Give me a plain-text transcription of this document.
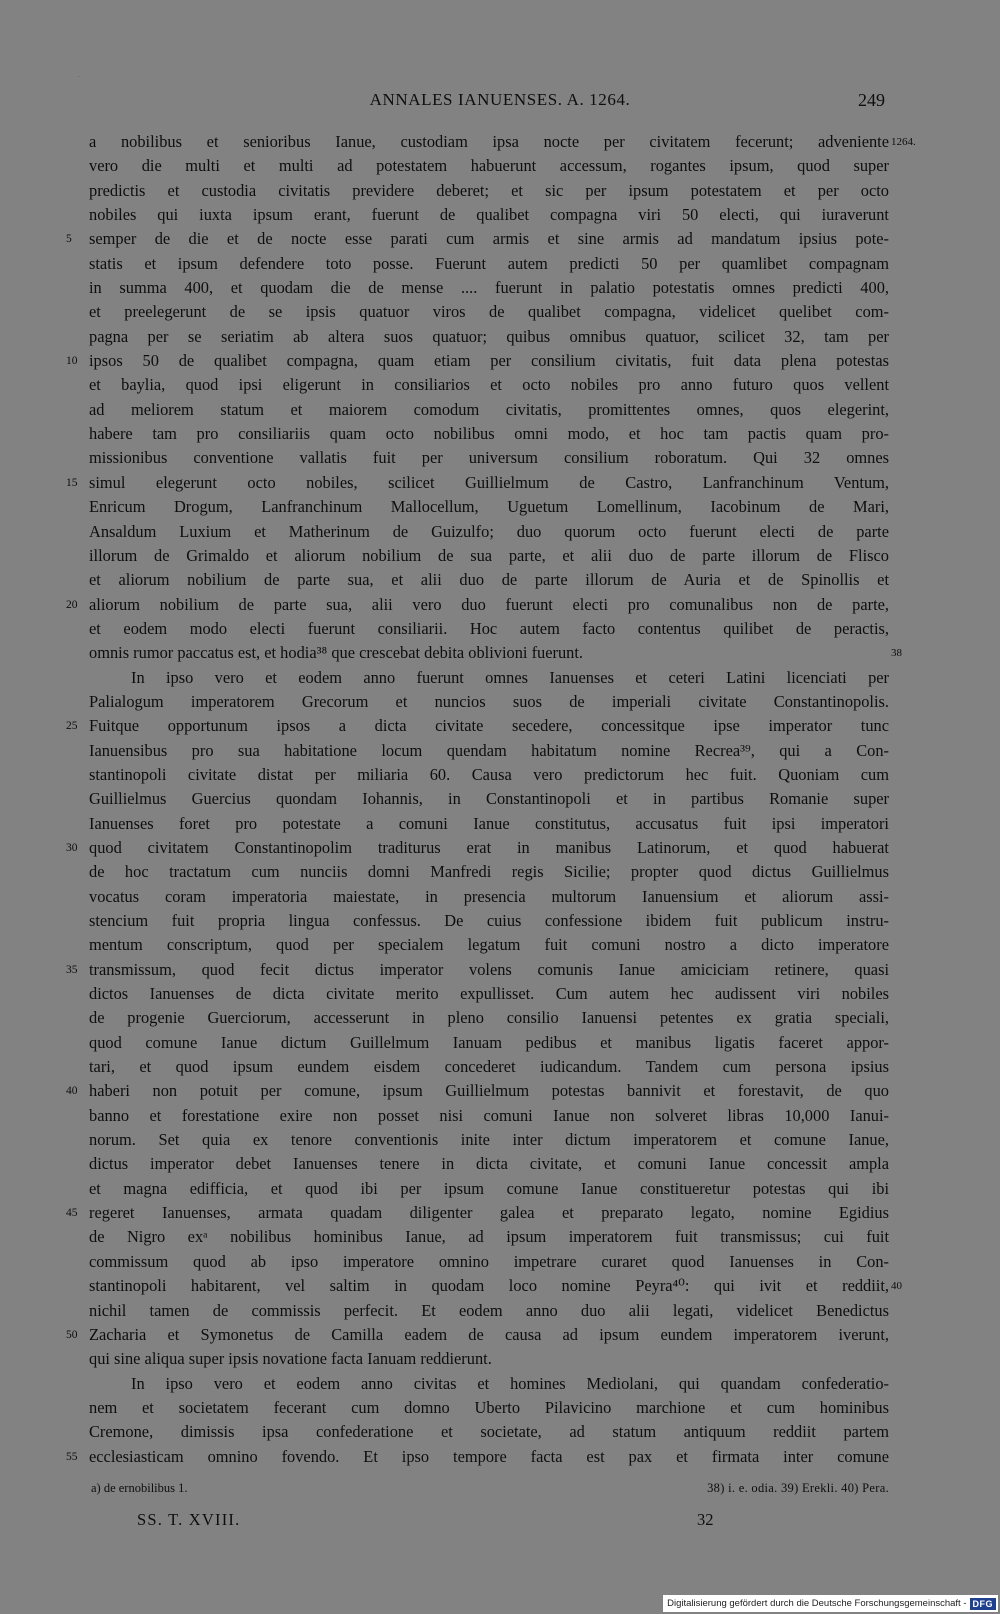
ANNALES IANUENSES. A. 1264.	249
a nobilibus et senioribus Ianue, custodiam ipsa nocte per civitatem fecerunt; adveniente 1264.
vero die multi et multi ad potestatem habuerunt accessum, rogantes ipsum, quod super
predictis et custodia civitatis previdere deberet; et sic per ipsum potestatem et per octo
nobiles qui iuxta ipsum erant, fuerunt de qualibet compagna viri 50 electi, qui iuraverunt
5	semper de die et de nocte esse parati cum armis et sine armis ad mandatum ipsius pote-
statis et ipsum defendere toto posse. Fuerunt autem predicti 50 per quamlibet compagnam
in summa 400, et quodam die de mense .... fuerunt in palatio potestatis omnes predicti 400,
et preelegerunt de se ipsis quatuor viros de qualibet compagna, videlicet quelibet com-
pagna per se seriatim ab altera suos quatuor; quibus omnibus quatuor, scilicet 32, tam per
10 ipsos 50 de qualibet compagna, quam etiam per consilium civitatis, fuit data plena potestas
et baylia, quod ipsi eligerunt in consiliarios et octo nobiles pro anno futuro quos vellent
ad meliorem statum et maiorem comodum civitatis, promittentes omnes, quos elegerint,
habere tam pro consiliariis quam octo nobilibus omni modo, et hoc tam pactis quam pro-
missionibus conventione vallatis fuit per universum consilium roboratum. Qui 32 omnes
15 simul elegerunt octo nobiles, scilicet Guillielmum de Castro, Lanfranchinum Ventum,
Enricum Drogum, Lanfranchinum Mallocellum, Uguetum Lomellinum, Iacobinum de Mari,
Ansaldum Luxium et Matherinum de Guizulfo; duo quorum octo fuerunt electi de parte
illorum de Grimaldo et aliorum nobilium de sua parte, et alii duo de parte illorum de Flisco
et aliorum nobilium de parte sua, et alii duo de parte illorum de Auria et de Spinollis et
20 aliorum nobilium de parte sua, alii vero duo fuerunt electi pro comunalibus non de parte,
et eodem modo electi fuerunt consiliarii. Hoc autem facto contentus quilibet de peractis,
omnis rumor paccatus est, et hodia³⁸ que crescebat debita oblivioni fuerunt.	38
In ipso vero et eodem anno fuerunt omnes Ianuenses et ceteri Latini licenciati per
Palialogum imperatorem Grecorum et nuncios suos de imperiali civitate Constantinopolis.
25 Fuitque opportunum ipsos a dicta civitate secedere, concessitque ipse imperator tunc
Ianuensibus pro sua habitatione locum quendam habitatum nomine Recrea³⁹, qui a Con-
stantinopoli civitate distat per miliaria 60. Causa vero predictorum hec fuit. Quoniam cum
Guillielmus Guercius quondam Iohannis, in Constantinopoli et in partibus Romanie super
Ianuenses foret pro potestate a comuni Ianue constitutus, accusatus fuit ipsi imperatori
30 quod civitatem Constantinopolim traditurus erat in manibus Latinorum, et quod habuerat
de hoc tractatum cum nunciis domni Manfredi regis Sicilie; propter quod dictus Guillielmus
vocatus coram imperatoria maiestate, in presencia multorum Ianuensium et aliorum assi-
stencium fuit propria lingua confessus. De cuius confessione ibidem fuit publicum instru-
mentum conscriptum, quod per specialem legatum fuit comuni nostro a dicto imperatore
35 transmissum, quod fecit dictus imperator volens comunis Ianue amiciciam retinere, quasi
dictos Ianuenses de dicta civitate merito expullisset. Cum autem hec audissent viri nobiles
de progenie Guerciorum, accesserunt in pleno consilio Ianuensi petentes ex gratia speciali,
quod comune Ianue dictum Guillelmum Ianuam pedibus et manibus ligatis faceret appor-
tari, et quod ipsum eundem eisdem concederet iudicandum. Tandem cum persona ipsius
40 haberi non potuit per comune, ipsum Guillielmum potestas bannivit et forestavit, de quo
banno et forestatione exire non posset nisi comuni Ianue non solveret libras 10,000 Ianui-
norum. Set quia ex tenore conventionis inite inter dictum imperatorem et comune Ianue,
dictus imperator debet Ianuenses tenere in dicta civitate, et comuni Ianue concessit ampla
et magna edifficia, et quod ibi per ipsum comune Ianue constitueretur potestas qui ibi
45 regeret Ianuenses, armata quadam diligenter galea et preparato legato, nomine Egidius
de Nigro exᵃ nobilibus hominibus Ianue, ad ipsum imperatorem fuit transmissus; cui fuit
commissum quod ab ipso imperatore omnino impetrare curaret quod Ianuenses in Con-
stantinopoli habitarent, vel saltim in quodam loco nomine Peyra⁴⁰: qui ivit et reddiit, 40
nichil tamen de commissis perfecit. Et eodem anno duo alii legati, videlicet Benedictus
50 Zacharia et Symonetus de Camilla eadem de causa ad ipsum eundem imperatorem iverunt,
qui sine aliqua super ipsis novatione facta Ianuam reddierunt.
In ipso vero et eodem anno civitas et homines Mediolani, qui quandam confederatio-
nem et societatem fecerant cum domno Uberto Pilavicino marchione et cum hominibus
Cremone, dimissis ipsa confederatione et societate, ad statum antiquum reddiit partem
55 ecclesiasticam omnino fovendo. Et ipso tempore facta est pax et firmata inter comune
a) de ernobilibus 1.	38) i. e. odia. 39) Erekli. 40) Pera.
SS. T. XVIII.	32
Digitalisierung gefördert durch die Deutsche Forschungsgemeinschaft - DFG
